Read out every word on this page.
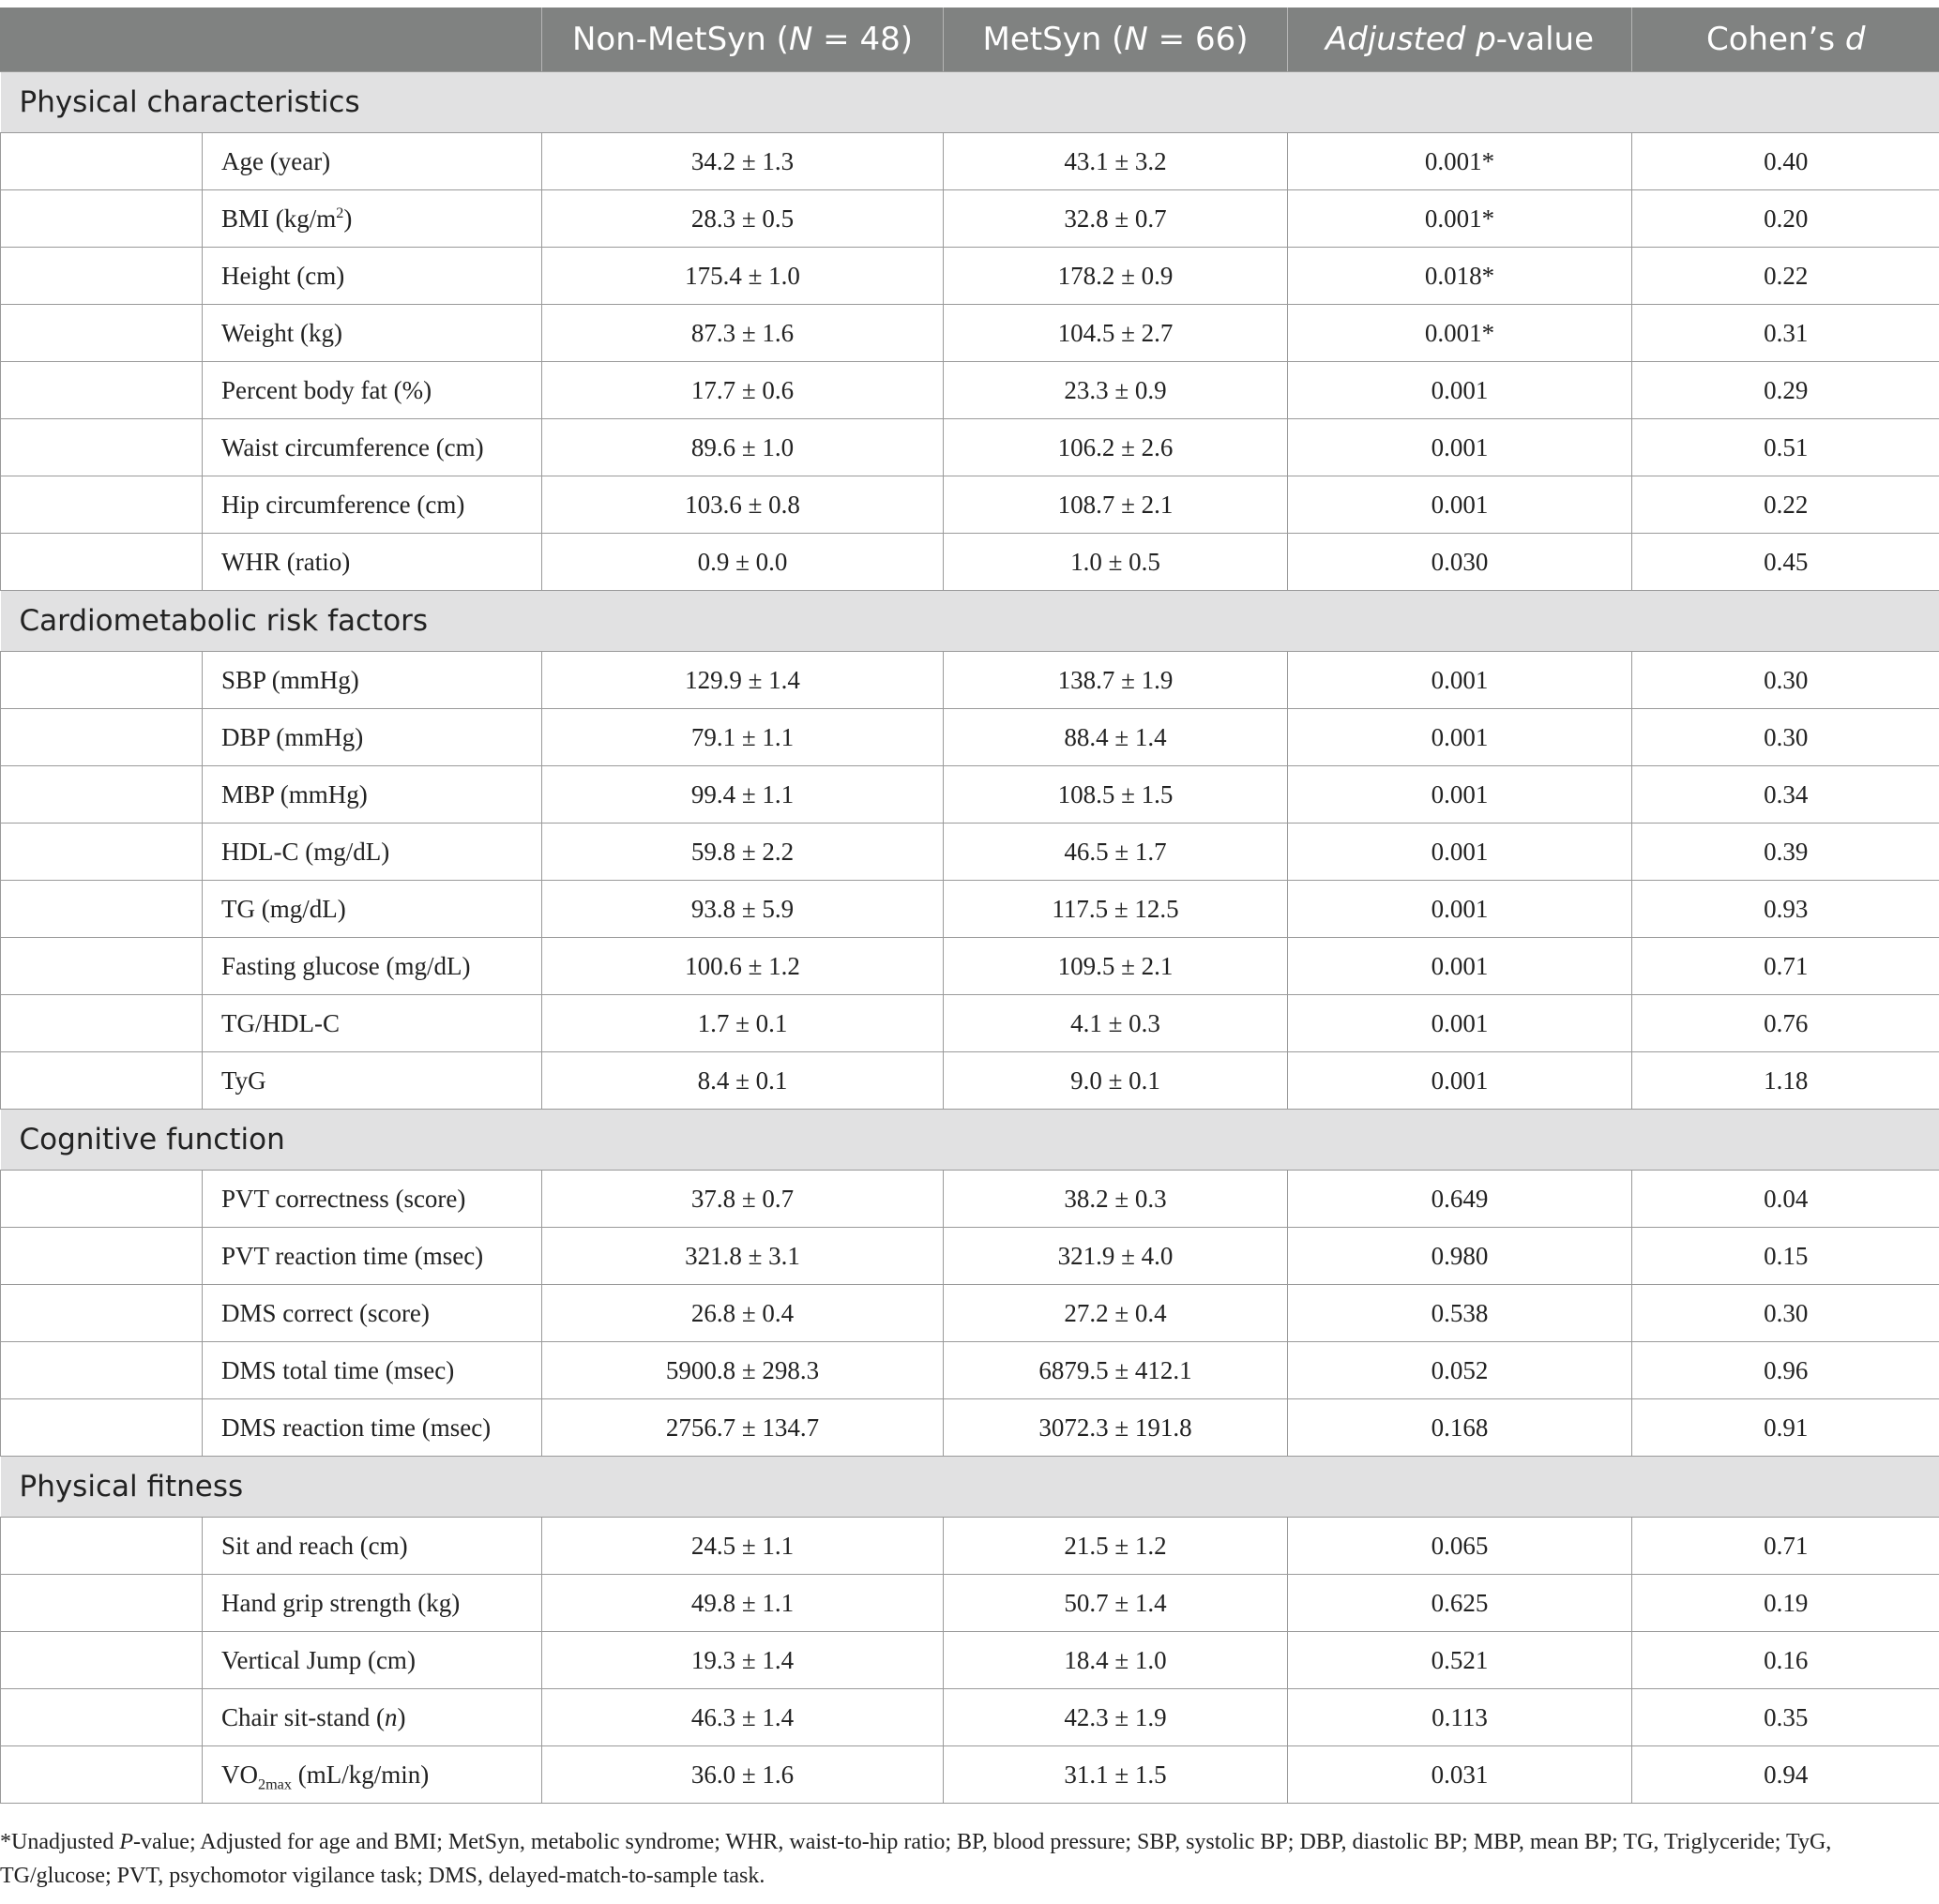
		Non-MetSyn (N = 48)	MetSyn (N = 66)	Adjusted p-value	Cohen’s d
Physical characteristics					
	Age (year)	34.2 ± 1.3	43.1 ± 3.2	0.001*	0.40
	BMI $(kg/m^2)$	28.3 ± 0.5	32.8 ± 0.7	0.001*	0.20
	Height (cm)	175.4 ± 1.0	178.2 ± 0.9	0.018*	0.22
	Weight (kg)	87.3 ± 1.6	104.5 ± 2.7	0.001*	0.31
	Percent body fat (%)	17.7 ± 0.6	23.3 ± 0.9	0.001	0.29
	Waist circumference (cm)	89.6 ± 1.0	106.2 ± 2.6	0.001	0.51
	Hip circumference (cm)	103.6 ± 0.8	108.7 ± 2.1	0.001	0.22
	WHR (ratio)	0.9 ± 0.0	1.0 ± 0.5	0.030	0.45
Cardiometabolic risk factors					
	SBP (mmHg)	129.9 ± 1.4	138.7 ± 1.9	0.001	0.30
	DBP (mmHg)	79.1 ± 1.1	88.4 ± 1.4	0.001	0.30
	MBP (mmHg)	99.4 ± 1.1	108.5 ± 1.5	0.001	0.34
	HDL-C (mg/dL)	59.8 ± 2.2	46.5 ± 1.7	0.001	0.39
	TG (mg/dL)	93.8 ± 5.9	117.5 ± 12.5	0.001	0.93
	Fasting glucose (mg/dL)	100.6 ± 1.2	109.5 ± 2.1	0.001	0.71
	TG/HDL-C	1.7 ± 0.1	4.1 ± 0.3	0.001	0.76
	TyG	8.4 ± 0.1	9.0 ± 0.1	0.001	1.18
Cognitive function					
	PVT correctness (score)	37.8 ± 0.7	38.2 ± 0.3	0.649	0.04
	PVT reaction time (msec)	321.8 ± 3.1	321.9 ± 4.0	0.980	0.15
	DMS correct (score)	26.8 ± 0.4	27.2 ± 0.4	0.538	0.30
	DMS total time (msec)	5900.8 ± 298.3	6879.5 ± 412.1	0.052	0.96
	DMS reaction time (msec)	2756.7 ± 134.7	3072.3 ± 191.8	0.168	0.91
Physical fitness					
	Sit and reach (cm)	24.5 ± 1.1	21.5 ± 1.2	0.065	0.71
	Hand grip strength (kg)	49.8 ± 1.1	50.7 ± 1.4	0.625	0.19
	Vertical Jump (cm)	19.3 ± 1.4	18.4 ± 1.0	0.521	0.16
	Chair sit-stand (n)	46.3 ± 1.4	42.3 ± 1.9	0.113	0.35
	$VO_{2max}$ (mL/kg/min)	36.0 ± 1.6	31.1 ± 1.5	0.031	0.94
*Unadjusted P-value; Adjusted for age and BMI; MetSyn, metabolic syndrome; WHR, waist-to-hip ratio; BP, blood pressure; SBP, systolic BP; DBP, diastolic BP; MBP, mean BP; TG, Triglyceride; TyG, TG/glucose; PVT, psychomotor vigilance task; DMS, delayed-match-to-sample task.
